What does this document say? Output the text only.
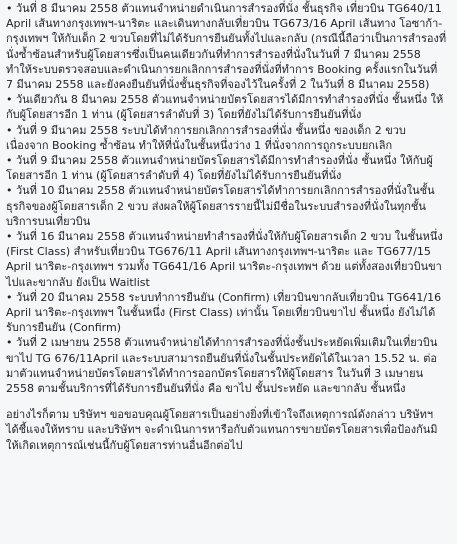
• วันที่ 8 มีนาคม 2558 ตัวแทนจำหน่ายดำเนินการสำรองที่นั่ง ชั้นธุรกิจ เที่ยวบิน TG640/11 April เส้นทางกรุงเทพฯ-นาริตะ และเดินทางกลับเที่ยวบิน TG673/16 April เส้นทาง โอซาก้า-กรุงเทพฯ ให้กับเด็ก 2 ขวบโดยที่ไม่ได้รับการยืนยันทั้งไปและกลับ (กรณีนี้ถือว่าเป็นการสำรองที่นั่งซ้ำซ้อนสำหรับผู้โดยสารซึ่งเป็นคนเดียวกันที่ทำการสำรองที่นั่งในวันที่ 7 มีนาคม 2558 ทำให้ระบบตรวจสอบและดำเนินการยกเลิกการสำรองที่นั่งที่ทำการ Booking ครั้งแรกในวันที่ 7 มีนาคม 2558 และยังคงยืนยันที่นั่งชั้นธุรกิจที่จองไว้ในครั้งที่ 2 ในวันที่ 8 มีนาคม 2558)
• วันเดียวกัน 8 มีนาคม 2558 ตัวแทนจำหน่ายบัตรโดยสารได้มีการทำสำรองที่นั่ง ชั้นหนึ่ง ให้กับผู้โดยสารอีก 1 ท่าน (ผู้โดยสารลำดับที่ 3) โดยที่ยังไม่ได้รับการยืนยันที่นั่ง
• วันที่ 9 มีนาคม 2558 ระบบได้ทำการยกเลิกการสำรองที่นั่ง ชั้นหนึ่ง ของเด็ก 2 ขวบเนื่องจาก Booking ซ้ำซ้อน ทำให้ที่นั่งในชั้นหนึ่งว่าง 1 ที่นั่งจากการถูกระบบยกเลิก
• วันที่ 9 มีนาคม 2558 ตัวแทนจำหน่ายบัตรโดยสารได้มีการทำสำรองที่นั่ง ชั้นหนึ่ง ให้กับผู้โดยสารอีก 1 ท่าน (ผู้โดยสารลำดับที่ 4) โดยที่ยังไม่ได้รับการยืนยันที่นั่ง
• วันที่ 10 มีนาคม 2558 ตัวแทนจำหน่ายบัตรโดยสารได้ทำการยกเลิกการสำรองที่นั่งในชั้นธุรกิจของผู้โดยสารเด็ก 2 ขวบ ส่งผลให้ผู้โดยสารรายนี้ไม่มีชื่อในระบบสำรองที่นั่งในทุกชั้นบริการบนเที่ยวบิน
• วันที่ 16 มีนาคม 2558 ตัวแทนจำหน่ายทำสำรองที่นั่งให้กับผู้โดยสารเด็ก 2 ขวบ ในชั้นหนึ่ง (First Class) สำหรับเที่ยวบิน TG676/11 April เส้นทางกรุงเทพฯ-นาริตะ และ TG677/15 April นาริตะ-กรุงเทพฯ รวมทั้ง TG641/16 April นาริตะ-กรุงเทพฯ ด้วย แต่ทั้งสองเที่ยวบินขาไปและขากลับ ยังเป็น Waitlist
• วันที่ 20 มีนาคม 2558 ระบบทำการยืนยัน (Confirm) เที่ยวบินขากลับเที่ยวบิน TG641/16 April นาริตะ-กรุงเทพฯ ในชั้นหนึ่ง (First Class) เท่านั้น โดยเที่ยวบินขาไป ชั้นหนึ่ง ยังไม่ได้รับการยืนยัน (Confirm)
• วันที่ 2 เมษายน 2558 ตัวแทนจำหน่ายได้ทำการสำรองที่นั่งชั้นประหยัดเพิ่มเติมในเที่ยวบินขาไป TG 676/11April และระบบสามารถยืนยันที่นั่งในชั้นประหยัดได้ในเวลา 15.52 น. ต่อมาตัวแทนจำหน่ายบัตรโดยสารได้ทำการออกบัตรโดยสารให้ผู้โดยสาร ในวันที่ 3 เมษายน 2558 ตามชั้นบริการที่ได้รับการยืนยันที่นั่ง คือ ขาไป ชั้นประหยัด และขากลับ ชั้นหนึ่ง

อย่างไรก็ตาม บริษัทฯ ขอขอบคุณผู้โดยสารเป็นอย่างยิ่งที่เข้าใจถึงเหตุการณ์ดังกล่าว บริษัทฯ ได้ชี้แจงให้ทราบ และบริษัทฯ จะดำเนินการหารือกับตัวแทนการขายบัตรโดยสารเพื่อป้องกันมิให้เกิดเหตุการณ์เช่นนี้กับผู้โดยสารท่านอื่นอีกต่อไป
